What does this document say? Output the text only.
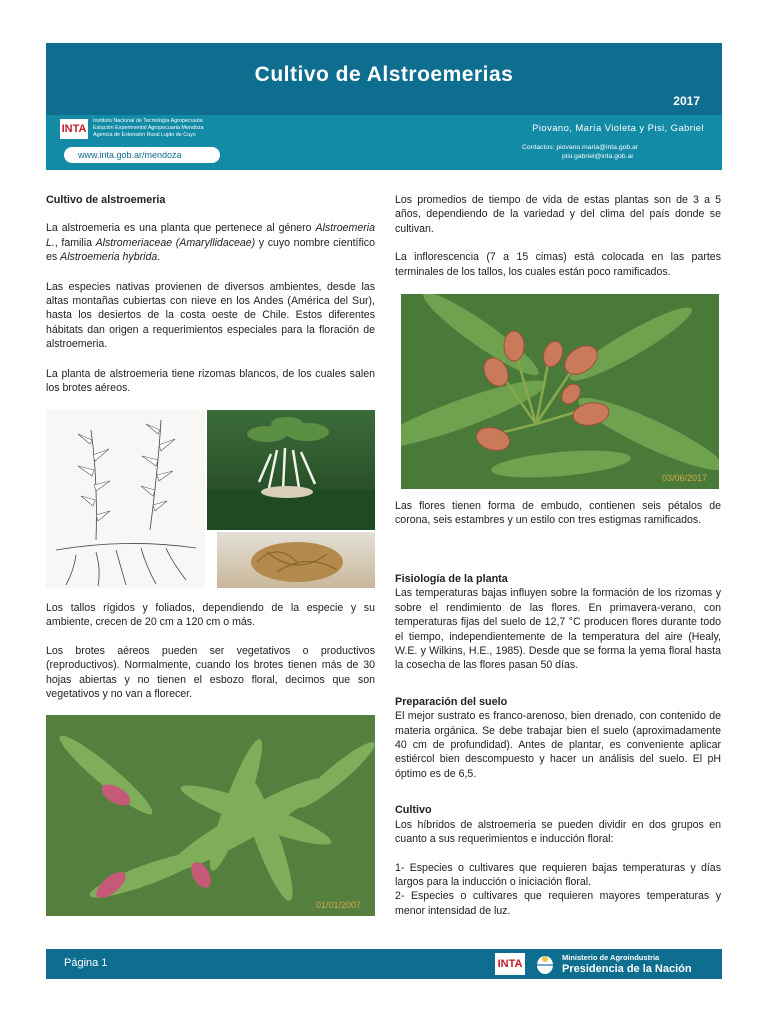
Cultivo de Alstroemerias
2017
INTA
Instituto Nacional de Tecnología Agropecuaria
Estación Experimental Agropecuaria Mendoza
Agencia de Extensión Rural Luján de Cuyo
www.inta.gob.ar/mendoza
Piovano, María Violeta y Pisi, Gabriel
Contactos: piovano.maria@inta.gob.ar
pisi.gabriel@inta.gob.ar
Cultivo de alstroemeria

La alstroemeria es una planta que pertenece al género Alstroemeria L., familia Alstromeriaceae (Amaryllidaceae) y cuyo nombre científico es Alstroemeria hybrida.

Las especies nativas provienen de diversos ambientes, desde las altas montañas cubiertas con nieve en los Andes (América del Sur), hasta los desiertos de la costa oeste de Chile. Estos diferentes hábitats dan origen a requerimientos especiales para la floración de alstroemeria.

La planta de alstroemeria tiene rizomas blancos, de los cuales salen los brotes aéreos.

Los tallos rígidos y foliados, dependiendo de la especie y su ambiente, crecen de 20 cm a 120 cm o más.

Los brotes aéreos pueden ser vegetativos o productivos (reproductivos). Normalmente, cuando los brotes tienen más de 30 hojas abiertas y no tienen el esbozo floral, decimos que son vegetativos y no van a florecer.

01/01/2007

Los promedios de tiempo de vida de estas plantas son de 3 a 5 años, dependiendo de la variedad y del clima del país donde se cultivan.

La inflorescencia (7 a 15 cimas) está colocada en las partes terminales de los tallos, los cuales están poco ramificados.

03/06/2017

Las flores tienen forma de embudo, contienen seis pétalos de corona, seis estambres y un estilo con tres estigmas ramificados.

Fisiología de la planta

Las temperaturas bajas influyen sobre la formación de los rizomas y sobre el rendimiento de las flores. En primavera-verano, con temperaturas fijas del suelo de 12,7 °C producen flores durante todo el tiempo, independientemente de la temperatura del aire (Healy, W.E. y Wilkins, H.E., 1985). Desde que se forma la yema floral hasta la cosecha de las flores pasan 50 días.

Preparación del suelo

El mejor sustrato es franco-arenoso, bien drenado, con contenido de materia orgánica. Se debe trabajar bien el suelo (aproximadamente 40 cm de profundidad). Antes de plantar, es conveniente aplicar estiércol bien descompuesto y hacer un análisis del suelo. El pH óptimo es de 6,5.

Cultivo

Los híbridos de alstroemeria se pueden dividir en dos grupos en cuanto a sus requerimientos e inducción floral:

1- Especies o cultivares que requieren bajas temperaturas y días largos para la inducción o iniciación floral.

2- Especies o cultivares que requieren mayores temperaturas y menor intensidad de luz.

Página 1	INTA
Ministerio de Agroindustria
Presidencia de la Nación
